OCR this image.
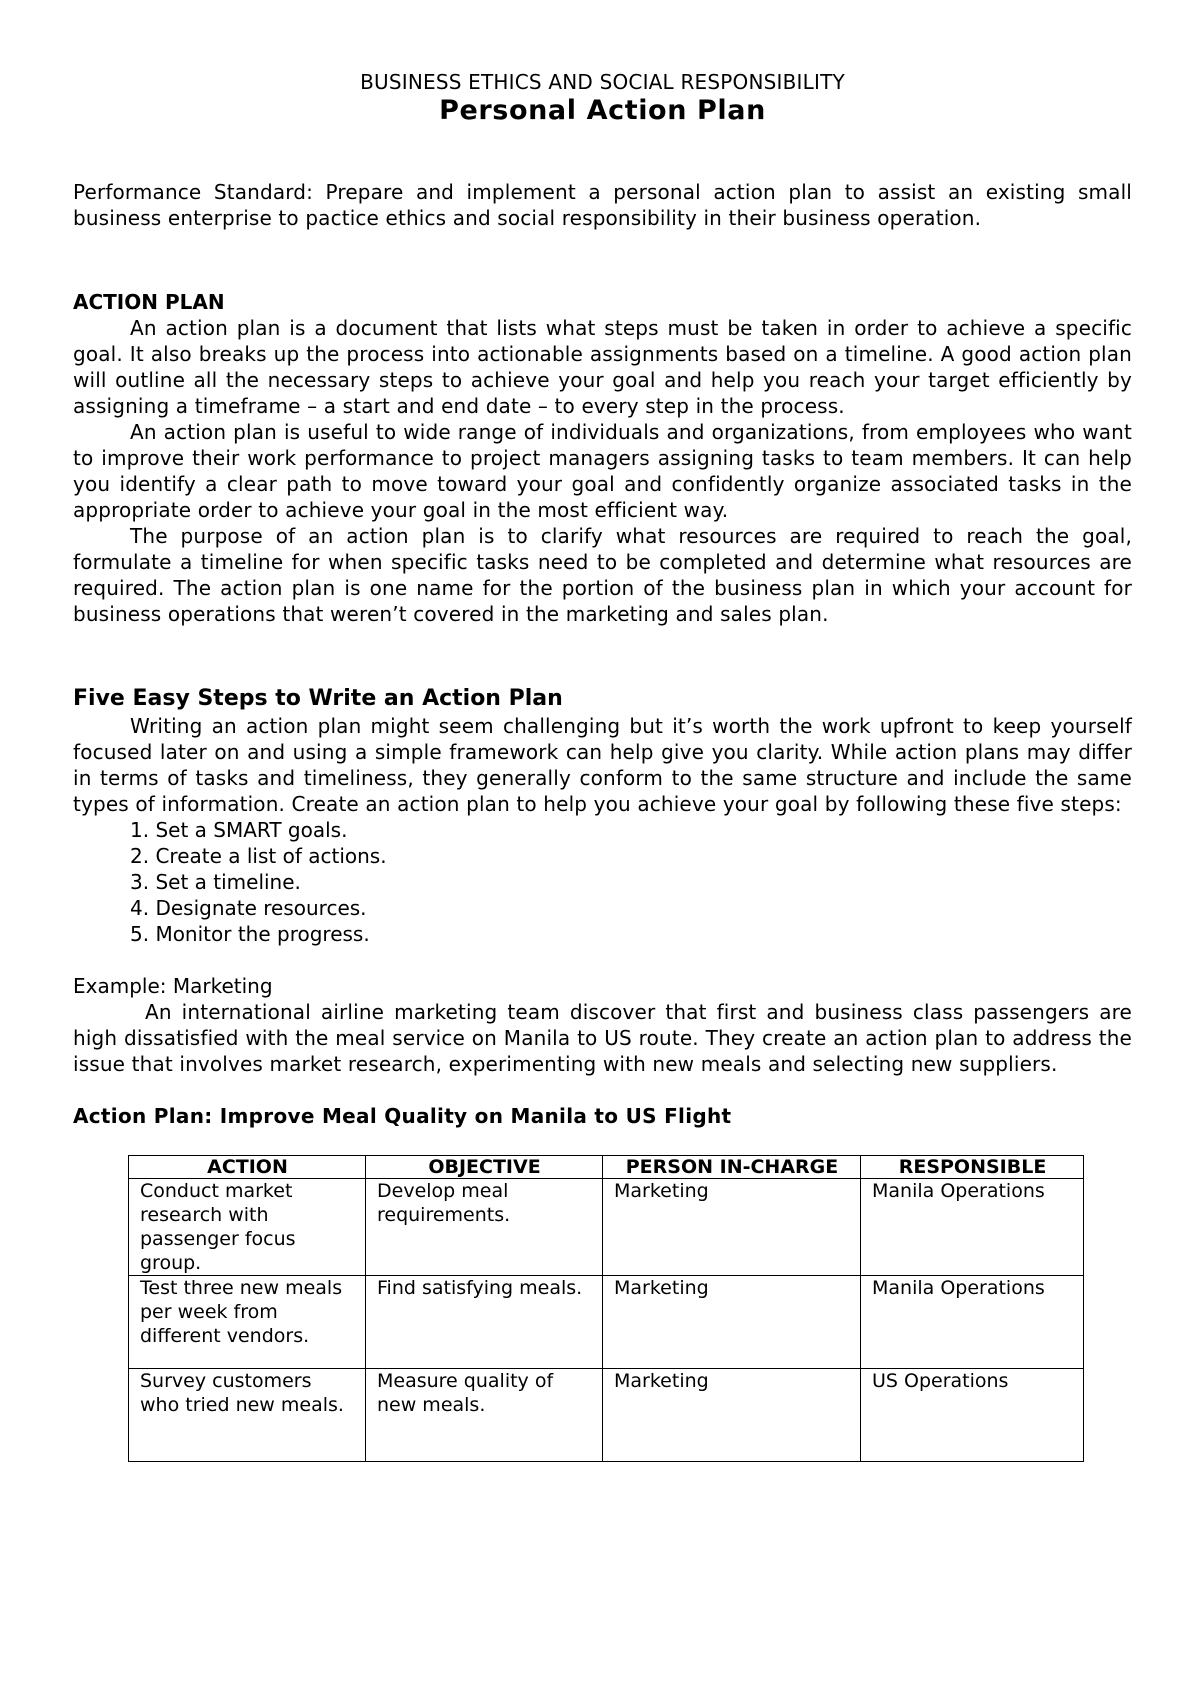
BUSINESS ETHICS AND SOCIAL RESPONSIBILITY
Personal Action Plan

Performance Standard: Prepare and implement a personal action plan to assist an existing small business enterprise to pactice ethics and social responsibility in their business operation.

ACTION PLAN

An action plan is a document that lists what steps must be taken in order to achieve a specific goal. It also breaks up the process into actionable assignments based on a timeline. A good action plan will outline all the necessary steps to achieve your goal and help you reach your target efficiently by assigning a timeframe – a start and end date – to every step in the process.

An action plan is useful to wide range of individuals and organizations, from employees who want to improve their work performance to project managers assigning tasks to team members. It can help you identify a clear path to move toward your goal and confidently organize associated tasks in the appropriate order to achieve your goal in the most efficient way.

The purpose of an action plan is to clarify what resources are required to reach the goal, formulate a timeline for when specific tasks need to be completed and determine what resources are required. The action plan is one name for the portion of the business plan in which your account for business operations that weren’t covered in the marketing and sales plan.

Five Easy Steps to Write an Action Plan

Writing an action plan might seem challenging but it’s worth the work upfront to keep yourself focused later on and using a simple framework can help give you clarity. While action plans may differ in terms of tasks and timeliness, they generally conform to the same structure and include the same types of information. Create an action plan to help you achieve your goal by following these five steps:

1. Set a SMART goals.
2. Create a list of actions.
3. Set a timeline.
4. Designate resources.
5. Monitor the progress.
Example: Marketing

An international airline marketing team discover that first and business class passengers are high dissatisfied with the meal service on Manila to US route. They create an action plan to address the issue that involves market research, experimenting with new meals and selecting new suppliers.

Action Plan: Improve Meal Quality on Manila to US Flight
ACTION	OBJECTIVE	PERSON IN-CHARGE	RESPONSIBLE
Conduct market research with passenger focus group.	Develop meal requirements.	Marketing	Manila Operations
Test three new meals per week from different vendors.	Find satisfying meals.	Marketing	Manila Operations
Survey customers who tried new meals.	Measure quality of new meals.	Marketing	US Operations
